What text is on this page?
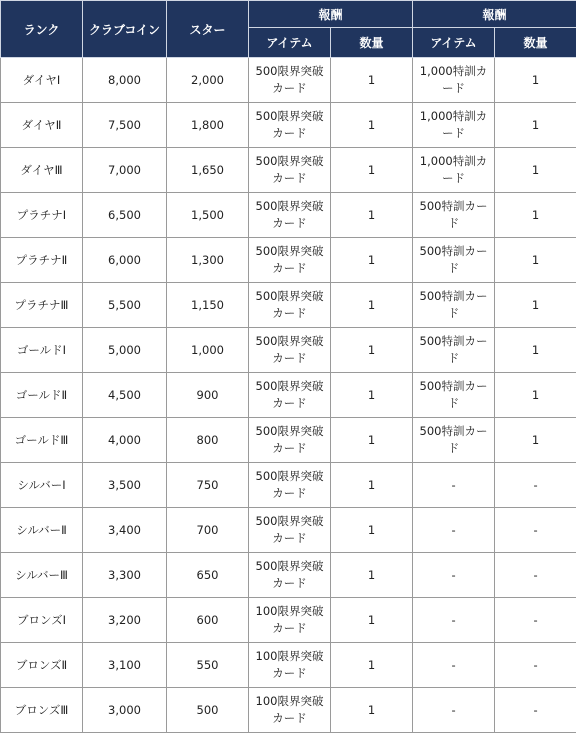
ランク	クラブコイン	スター	報酬		報酬	
			アイテム	数量	アイテム	数量
ダイヤⅠ	8,000	2,000	500限界突破カード	1	1,000特訓カード	1
ダイヤⅡ	7,500	1,800	500限界突破カード	1	1,000特訓カード	1
ダイヤⅢ	7,000	1,650	500限界突破カード	1	1,000特訓カード	1
プラチナⅠ	6,500	1,500	500限界突破カード	1	500特訓カード	1
プラチナⅡ	6,000	1,300	500限界突破カード	1	500特訓カード	1
プラチナⅢ	5,500	1,150	500限界突破カード	1	500特訓カード	1
ゴールドⅠ	5,000	1,000	500限界突破カード	1	500特訓カード	1
ゴールドⅡ	4,500	900	500限界突破カード	1	500特訓カード	1
ゴールドⅢ	4,000	800	500限界突破カード	1	500特訓カード	1
シルバーⅠ	3,500	750	500限界突破カード	1	-	-
シルバーⅡ	3,400	700	500限界突破カード	1	-	-
シルバーⅢ	3,300	650	500限界突破カード	1	-	-
ブロンズⅠ	3,200	600	100限界突破カード	1	-	-
ブロンズⅡ	3,100	550	100限界突破カード	1	-	-
ブロンズⅢ	3,000	500	100限界突破カード	1	-	-
